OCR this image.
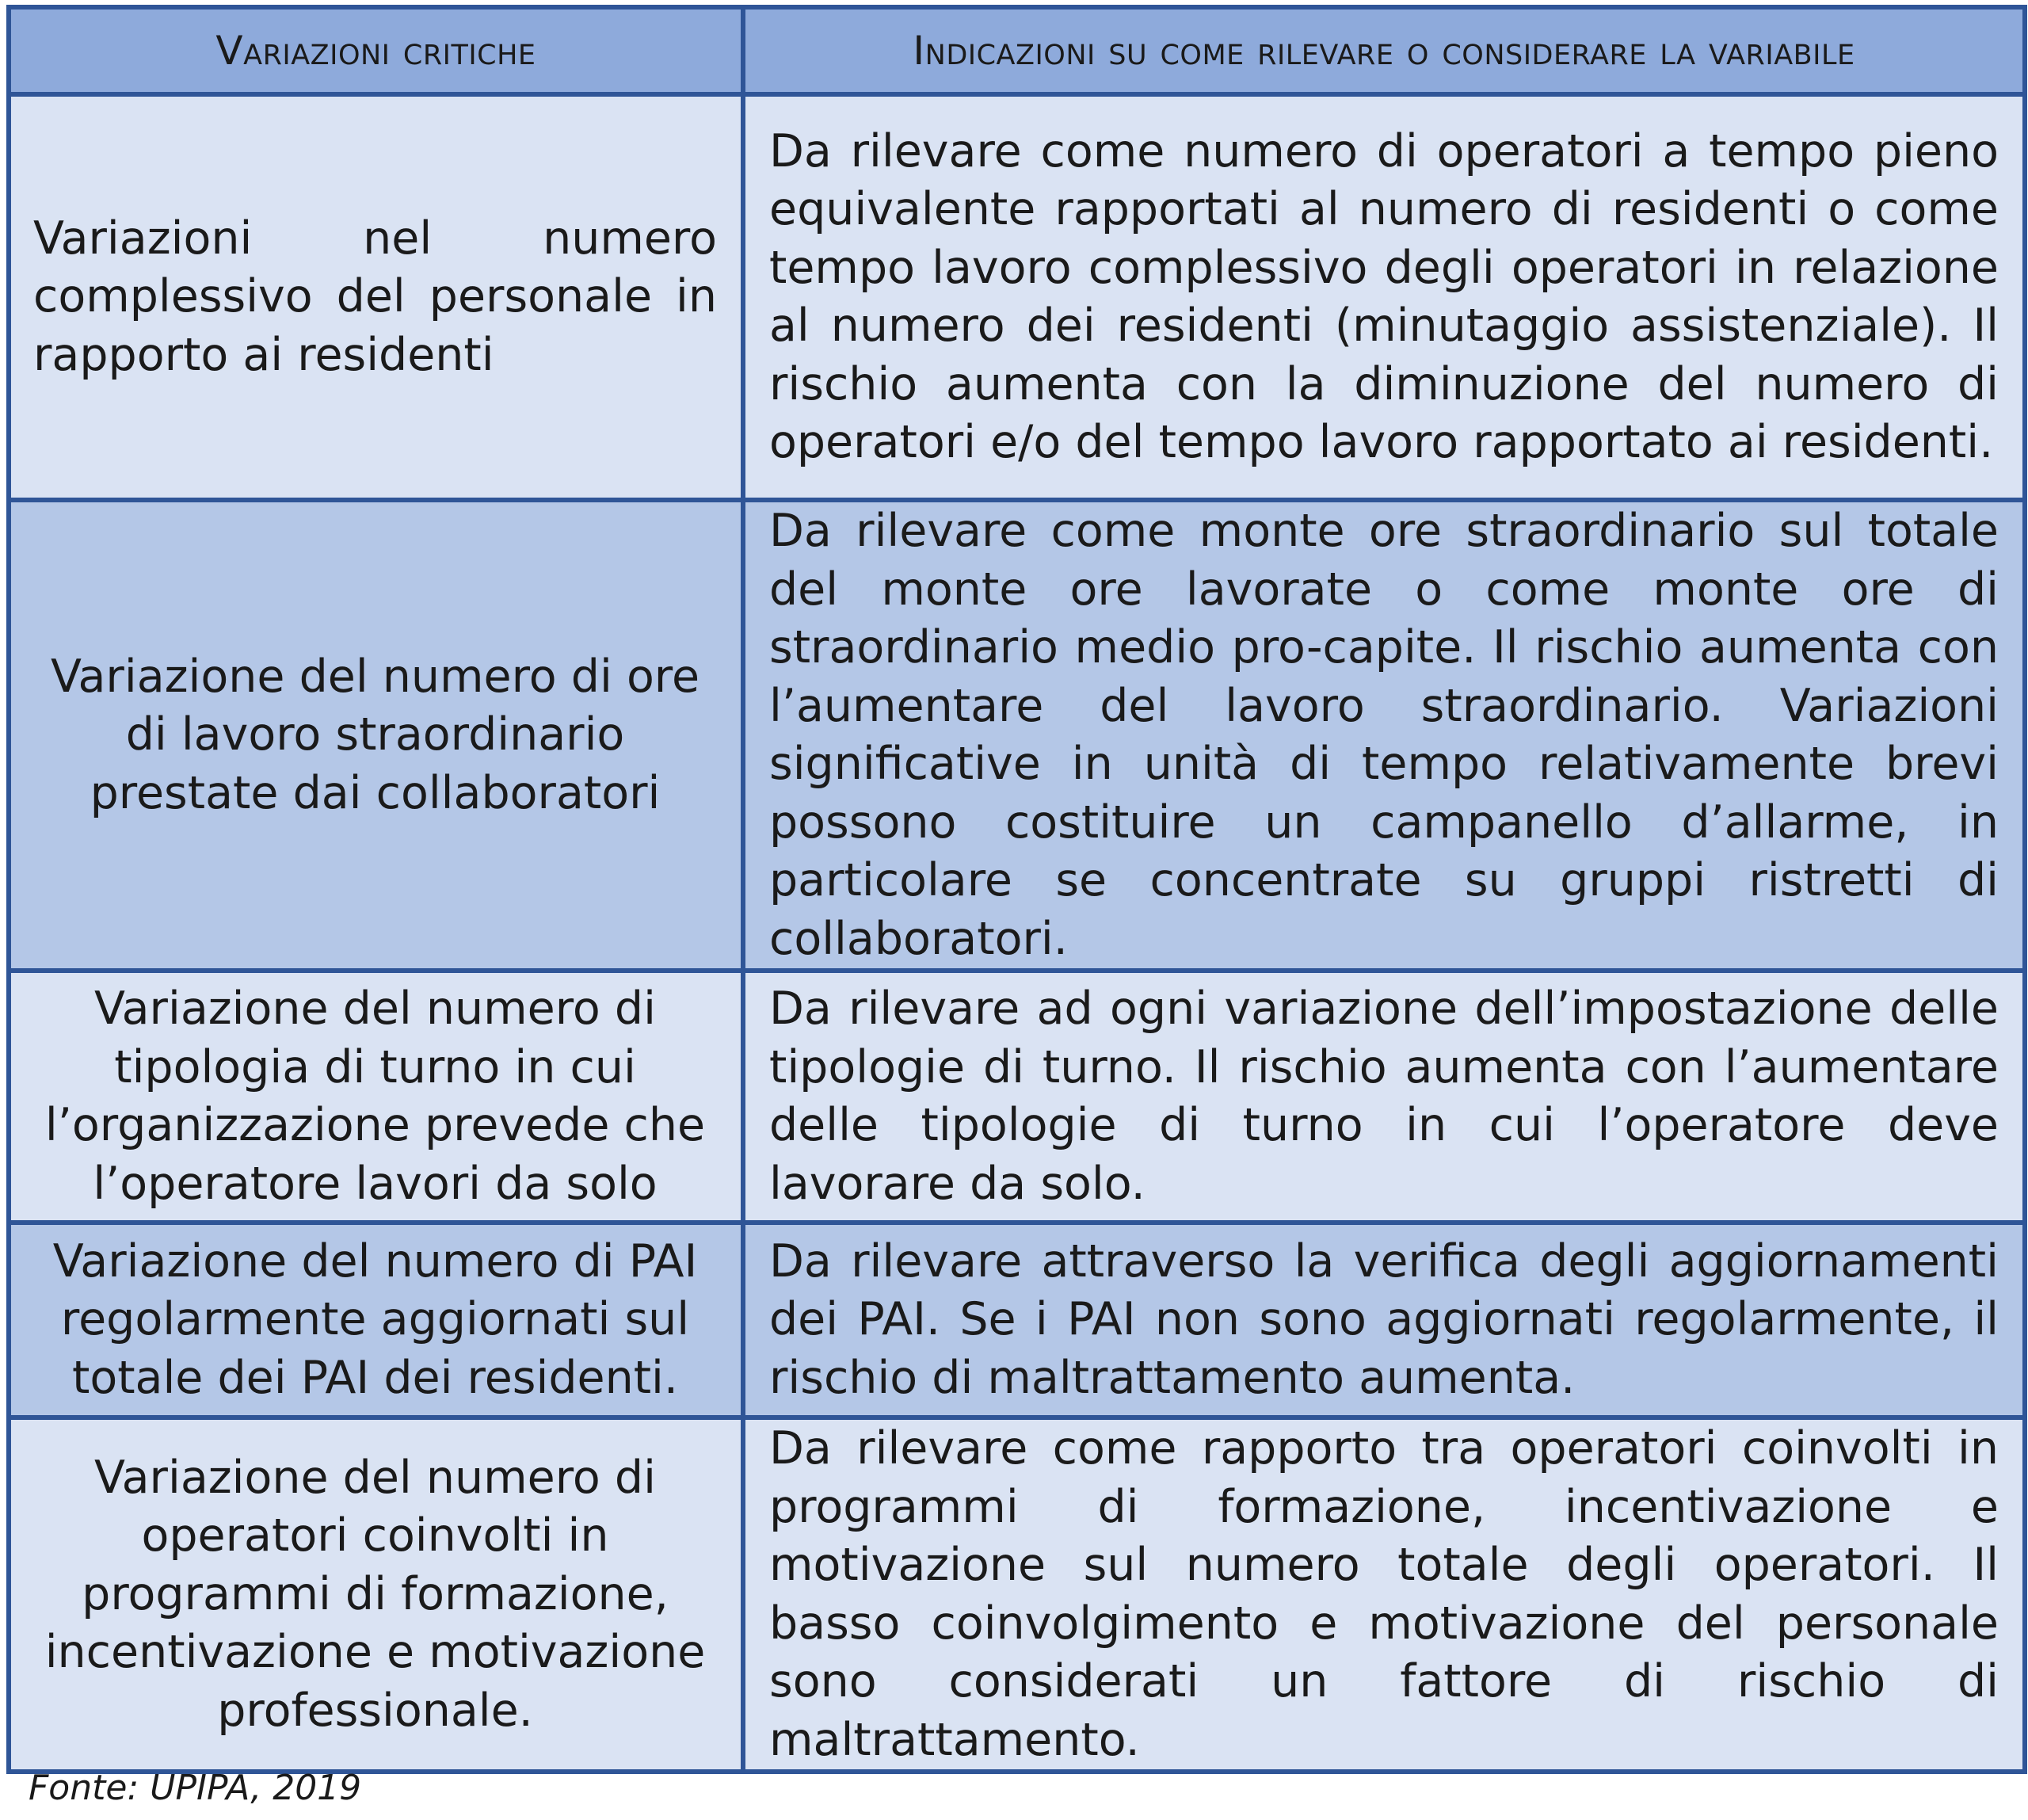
Variazioni critiche	Indicazioni su come rilevare o considerare la variabile
Variazioni nel numero complessivo del personale in rapporto ai residenti	Da rilevare come numero di operatori a tempo pieno equivalente rapportati al numero di residenti o come tempo lavoro complessivo degli operatori in relazione al numero dei residenti (minutaggio assistenziale). Il rischio aumenta con la diminuzione del numero di operatori e/o del tempo lavoro rapportato ai residenti.
Variazione del numero di ore di lavoro straordinario prestate dai collaboratori	Da rilevare come monte ore straordinario sul totale del monte ore lavorate o come monte ore di straordinario medio pro-capite. Il rischio aumenta con l’aumentare del lavoro straordinario. Variazioni significative in unità di tempo relativamente brevi possono costituire un campanello d’allarme, in particolare se concentrate su gruppi ristretti di collaboratori.
Variazione del numero di tipologia di turno in cui l’organizzazione prevede che l’operatore lavori da solo	Da rilevare ad ogni variazione dell’impostazione delle tipologie di turno. Il rischio aumenta con l’aumentare delle tipologie di turno in cui l’operatore deve lavorare da solo.
Variazione del numero di PAI regolarmente aggiornati sul totale dei PAI dei residenti.	Da rilevare attraverso la verifica degli aggiornamenti dei PAI. Se i PAI non sono aggiornati regolarmente, il rischio di maltrattamento aumenta.
Variazione del numero di operatori coinvolti in programmi di formazione, incentivazione e motivazione professionale.	Da rilevare come rapporto tra operatori coinvolti in programmi di formazione, incentivazione e motivazione sul numero totale degli operatori. Il basso coinvolgimento e motivazione del personale sono considerati un fattore di rischio di maltrattamento.
Fonte: UPIPA, 2019
